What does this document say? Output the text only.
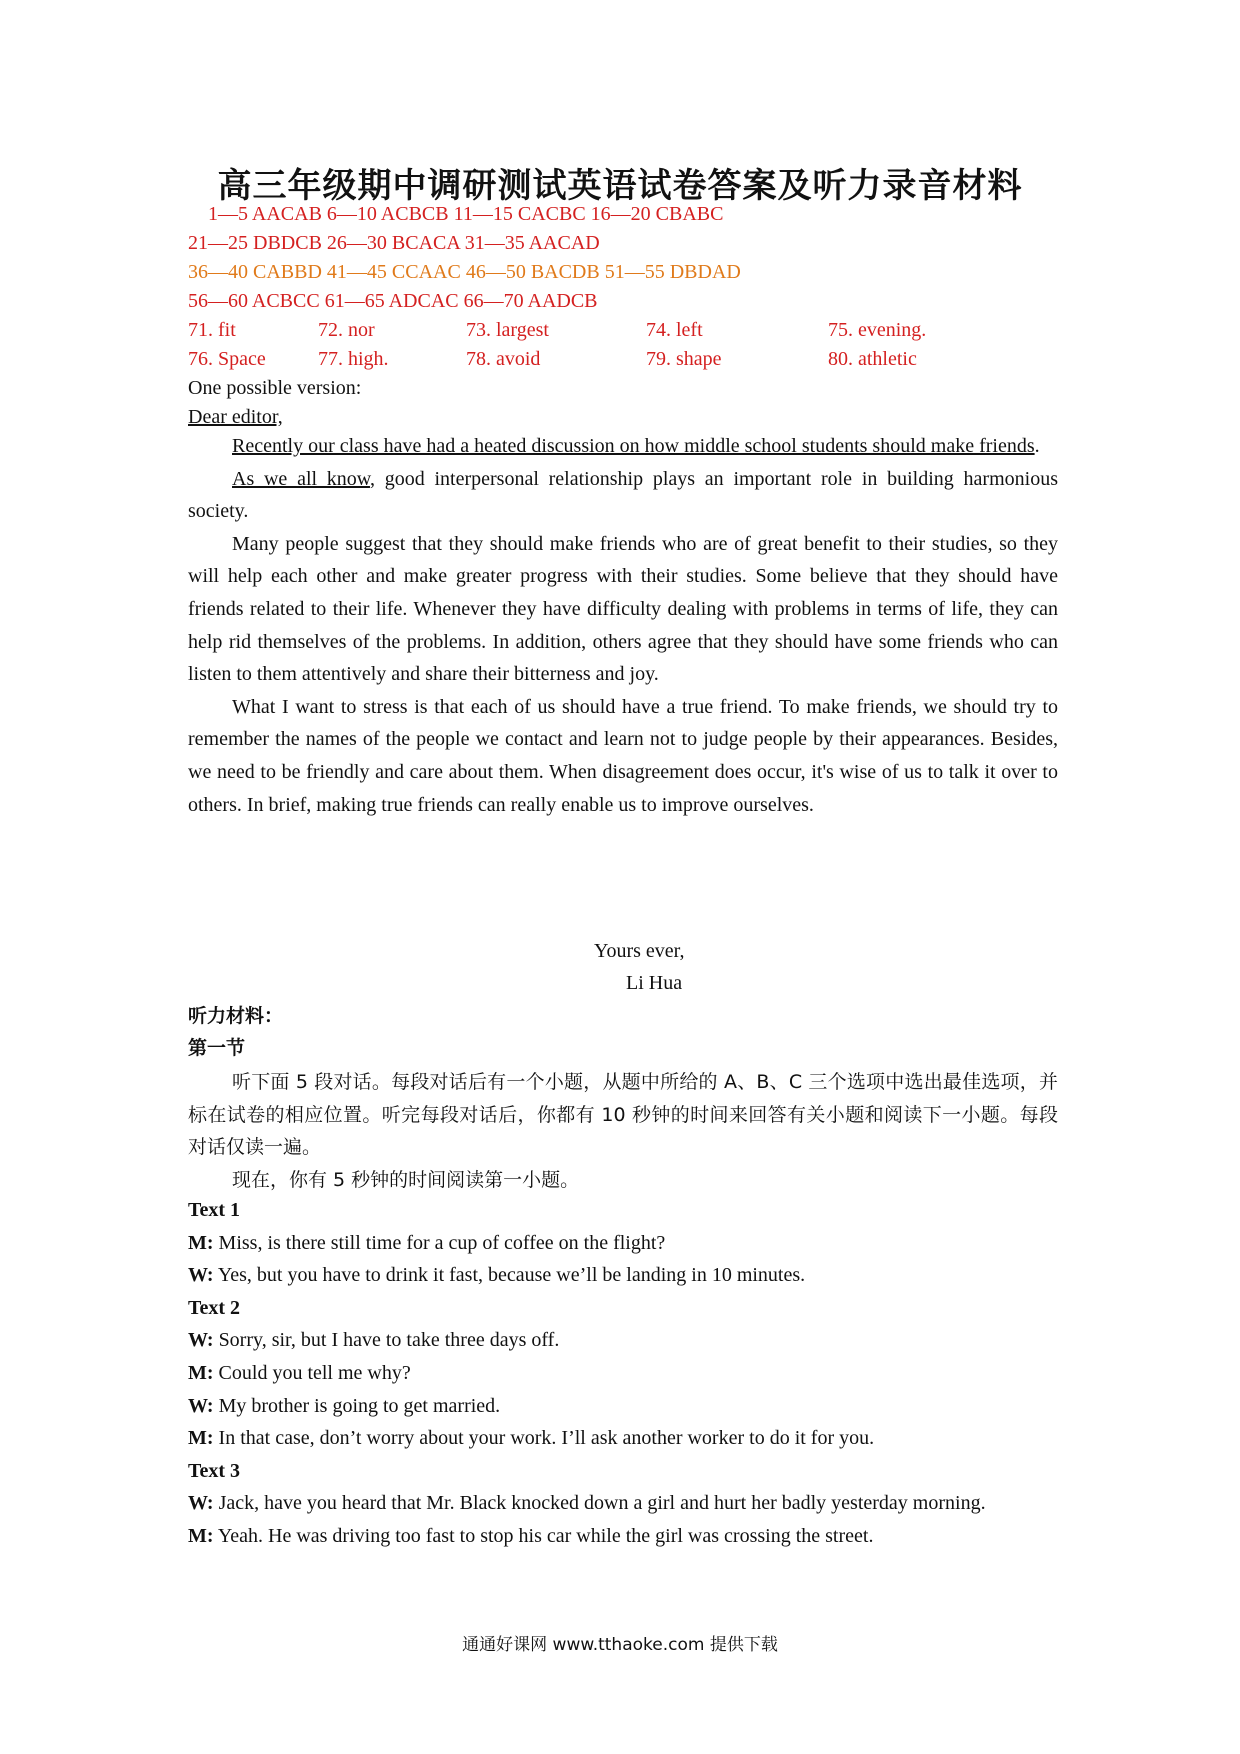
高三年级期中调研测试英语试卷答案及听力录音材料
1—5 AACAB 6—10 ACBCB 11—15 CACBC 16—20 CBABC
21—25 DBDCB 26—30 BCACA 31—35 AACAD
36—40 CABBD 41—45 CCAAC 46—50 BACDB 51—55 DBDAD
56—60 ACBCC 61—65 ADCAC 66—70 AADCB
71. fit	72. nor	73. largest	74. left	75. evening.
76. Space	77. high.	78. avoid	79. shape	80. athletic
One possible version:
Dear editor,

Recently our class have had a heated discussion on how middle school students should make friends.

As we all know, good interpersonal relationship plays an important role in building harmonious society.

Many people suggest that they should make friends who are of great benefit to their studies, so they will help each other and make greater progress with their studies. Some believe that they should have friends related to their life. Whenever they have difficulty dealing with problems in terms of life, they can help rid themselves of the problems. In addition, others agree that they should have some friends who can listen to them attentively and share their bitterness and joy.

What I want to stress is that each of us should have a true friend. To make friends, we should try to remember the names of the people we contact and learn not to judge people by their appearances. Besides, we need to be friendly and care about them. When disagreement does occur, it's wise of us to talk it over to others. In brief, making true friends can really enable us to improve ourselves.

Yours ever,
Li Hua
听力材料：
第一节

听下面 5 段对话。每段对话后有一个小题，从题中所给的 A、B、C 三个选项中选出最佳选项，并标在试卷的相应位置。听完每段对话后，你都有 10 秒钟的时间来回答有关小题和阅读下一小题。每段对话仅读一遍。

现在，你有 5 秒钟的时间阅读第一小题。

Text 1
M: Miss, is there still time for a cup of coffee on the flight?
W: Yes, but you have to drink it fast, because we’ll be landing in 10 minutes.
Text 2
W: Sorry, sir, but I have to take three days off.
M: Could you tell me why?
W: My brother is going to get married.
M: In that case, don’t worry about your work. I’ll ask another worker to do it for you.
Text 3
W: Jack, have you heard that Mr. Black knocked down a girl and hurt her badly yesterday morning.
M: Yeah. He was driving too fast to stop his car while the girl was crossing the street.
通通好课网 www.tthaoke.com 提供下载
